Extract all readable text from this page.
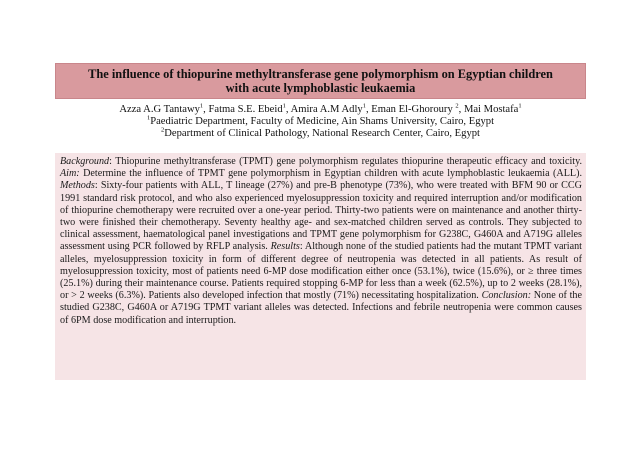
The influence of thiopurine methyltransferase gene polymorphism on Egyptian children
with acute lymphoblastic leukaemia
Azza A.G Tantawy$^1$, Fatma S.E. Ebeid$^1$, Amira A.M Adly$^1$, Eman El-Ghoroury $^2$, Mai Mostafa$^1$
$^1$Paediatric Department, Faculty of Medicine, Ain Shams University, Cairo, Egypt
$^2$Department of Clinical Pathology, National Research Center, Cairo, Egypt
Background: Thiopurine methyltransferase (TPMT) gene polymorphism regulates thiopurine therapeutic efficacy and toxicity. Aim: Determine the influence of TPMT gene polymorphism in Egyptian children with acute lymphoblastic leukaemia (ALL). Methods: Sixty-four patients with ALL, T lineage (27%) and pre-B phenotype (73%), who were treated with BFM 90 or CCG 1991 standard risk protocol, and who also experienced myelosuppression toxicity and required interruption and/or modification of thiopurine chemotherapy were recruited over a one-year period. Thirty-two patients were on maintenance and another thirty-two were finished their chemotherapy. Seventy healthy age- and sex-matched children served as controls. They subjected to clinical assessment, haematological panel investigations and TPMT gene polymorphism for G238C, G460A and A719G alleles assessment using PCR followed by RFLP analysis. Results: Although none of the studied patients had the mutant TPMT variant alleles, myelosuppression toxicity in form of different degree of neutropenia was detected in all patients. As result of myelosuppression toxicity, most of patients need 6-MP dose modification either once (53.1%), twice (15.6%), or ≥ three times (25.1%) during their maintenance course. Patients required stopping 6-MP for less than a week (62.5%), up to 2 weeks (28.1%), or > 2 weeks (6.3%). Patients also developed infection that mostly (71%) necessitating hospitalization. Conclusion: None of the studied G238C, G460A or A719G TPMT variant alleles was detected. Infections and febrile neutropenia were common causes of 6PM dose modification and interruption.
